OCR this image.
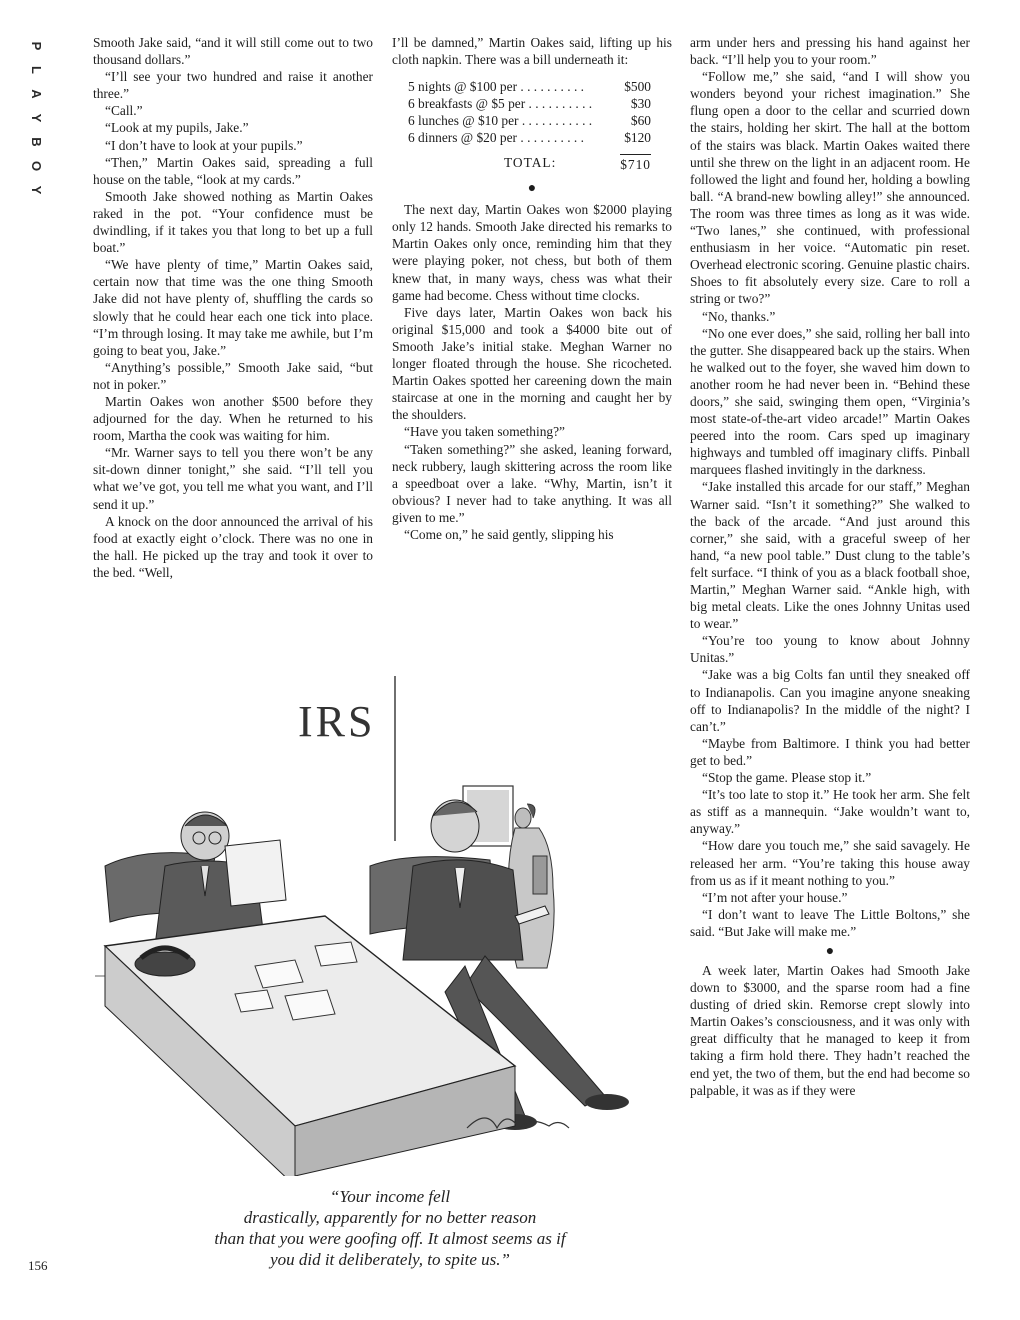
P
L
A
Y
B
O
Y

Smooth Jake said, “and it will still come out to two thousand dollars.”

“I’ll see your two hundred and raise it another three.”

“Call.”

“Look at my pupils, Jake.”

“I don’t have to look at your pupils.”

“Then,” Martin Oakes said, spreading a full house on the table, “look at my cards.”

Smooth Jake showed nothing as Martin Oakes raked in the pot. “Your confidence must be dwindling, if it takes you that long to bet up a full boat.”

“We have plenty of time,” Martin Oakes said, certain now that time was the one thing Smooth Jake did not have plenty of, shuffling the cards so slowly that he could hear each one tick into place. “I’m through losing. It may take me awhile, but I’m going to beat you, Jake.”

“Anything’s possible,” Smooth Jake said, “but not in poker.”

Martin Oakes won another $500 before they adjourned for the day. When he returned to his room, Martha the cook was waiting for him.

“Mr. Warner says to tell you there won’t be any sit-down dinner tonight,” she said. “I’ll tell you what we’ve got, you tell me what you want, and I’ll send it up.”

A knock on the door announced the arrival of his food at exactly eight o’clock. There was no one in the hall. He picked up the tray and took it over to the bed. “Well,

I’ll be damned,” Martin Oakes said, lifting up his cloth napkin. There was a bill underneath it:

5 nights @ $100 per . . . . . . . . . .	$500
6 breakfasts @ $5 per . . . . . . . . . .	$30
6 lunches @ $10 per . . . . . . . . . . .	$60
6 dinners @ $20 per . . . . . . . . . .	$120
TOTAL:	$710
●

The next day, Martin Oakes won $2000 playing only 12 hands. Smooth Jake directed his remarks to Martin Oakes only once, reminding him that they were playing poker, not chess, but both of them knew that, in many ways, chess was what their game had become. Chess without time clocks.

Five days later, Martin Oakes won back his original $15,000 and took a $4000 bite out of Smooth Jake’s initial stake. Meghan Warner no longer floated through the house. She ricocheted. Martin Oakes spotted her careening down the main staircase at one in the morning and caught her by the shoulders.

“Have you taken something?”

“Taken something?” she asked, leaning forward, neck rubbery, laugh skittering across the room like a speedboat over a lake. “Why, Martin, isn’t it obvious? I never had to take anything. It was all given to me.”

“Come on,” he said gently, slipping his

arm under hers and pressing his hand against her back. “I’ll help you to your room.”

“Follow me,” she said, “and I will show you wonders beyond your richest imagination.” She flung open a door to the cellar and scurried down the stairs, holding her skirt. The hall at the bottom of the stairs was black. Martin Oakes waited there until she threw on the light in an adjacent room. He followed the light and found her, holding a bowling ball. “A brand-new bowling alley!” she announced. The room was three times as long as it was wide. “Two lanes,” she continued, with professional enthusiasm in her voice. “Automatic pin reset. Overhead electronic scoring. Genuine plastic chairs. Shoes to fit absolutely every size. Care to roll a string or two?”

“No, thanks.”

“No one ever does,” she said, rolling her ball into the gutter. She disappeared back up the stairs. When he walked out to the foyer, she waved him down to another room he had never been in. “Behind these doors,” she said, swinging them open, “Virginia’s most state-of-the-art video arcade!” Martin Oakes peered into the room. Cars sped up imaginary highways and tumbled off imaginary cliffs. Pinball marquees flashed invitingly in the darkness.

“Jake installed this arcade for our staff,” Meghan Warner said. “Isn’t it something?” She walked to the back of the arcade. “And just around this corner,” she said, with a graceful sweep of her hand, “a new pool table.” Dust clung to the table’s felt surface. “I think of you as a black football shoe, Martin,” Meghan Warner said. “Ankle high, with big metal cleats. Like the ones Johnny Unitas used to wear.”

“You’re too young to know about Johnny Unitas.”

“Jake was a big Colts fan until they sneaked off to Indianapolis. Can you imagine anyone sneaking off to Indianapolis? In the middle of the night? I can’t.”

“Maybe from Baltimore. I think you had better get to bed.”

“Stop the game. Please stop it.”

“It’s too late to stop it.” He took her arm. She felt as stiff as a mannequin. “Jake wouldn’t want to, anyway.”

“How dare you touch me,” she said savagely. He released her arm. “You’re taking this house away from us as if it meant nothing to you.”

“I’m not after your house.”

“I don’t want to leave The Little Boltons,” she said. “But Jake will make me.”

●

A week later, Martin Oakes had Smooth Jake down to $3000, and the sparse room had a fine dusting of dried skin. Remorse crept slowly into Martin Oakes’s consciousness, and it was only with great difficulty that he managed to keep it from taking a firm hold there. They hadn’t reached the end yet, the two of them, but the end had become so palpable, it was as if they were

IRS
“Your income fell
drastically, apparently for no better reason
than that you were goofing off. It almost seems as if
you did it deliberately, to spite us.”
156
